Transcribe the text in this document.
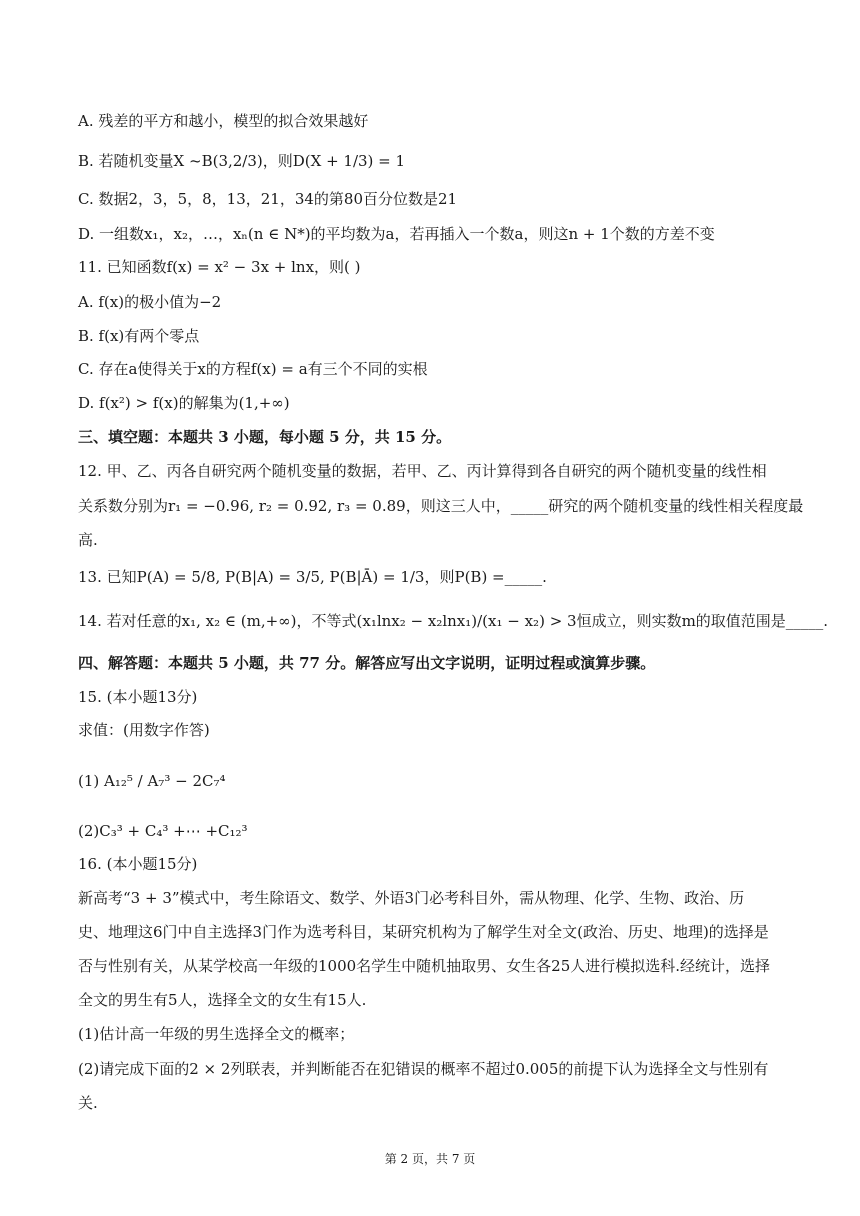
A. 残差的平方和越小，模型的拟合效果越好
B. 若随机变量X ~B(3,2/3)，则D(X + 1/3) = 1
C. 数据2，3，5，8，13，21，34的第80百分位数是21
D. 一组数x₁，x₂，…，xₙ(n ∈ N*)的平均数为a，若再插入一个数a，则这n + 1个数的方差不变
11. 已知函数f(x) = x² − 3x + lnx，则( )
A. f(x)的极小值为−2
B. f(x)有两个零点
C. 存在a使得关于x的方程f(x) = a有三个不同的实根
D. f(x²) > f(x)的解集为(1,+∞)
三、填空题：本题共 3 小题，每小题 5 分，共 15 分。
12. 甲、乙、丙各自研究两个随机变量的数据，若甲、乙、丙计算得到各自研究的两个随机变量的线性相
关系数分别为r₁ = −0.96, r₂ = 0.92, r₃ = 0.89，则这三人中，_____研究的两个随机变量的线性相关程度最
高.
13. 已知P(A) = 5/8, P(B|A) = 3/5, P(B|Ā) = 1/3，则P(B) =_____.
14. 若对任意的x₁, x₂ ∈ (m,+∞)，不等式(x₁lnx₂ − x₂lnx₁)/(x₁ − x₂) > 3恒成立，则实数m的取值范围是_____.
四、解答题：本题共 5 小题，共 77 分。解答应写出文字说明，证明过程或演算步骤。
15. (本小题13分)
求值：(用数字作答)
(1) A₁₂⁵ / A₇³ − 2C₇⁴
(2)C₃³ + C₄³ +⋯ +C₁₂³
16. (本小题15分)
新高考“3 + 3”模式中，考生除语文、数学、外语3门必考科目外，需从物理、化学、生物、政治、历
史、地理这6门中自主选择3门作为选考科目，某研究机构为了解学生对全文(政治、历史、地理)的选择是
否与性别有关，从某学校高一年级的1000名学生中随机抽取男、女生各25人进行模拟选科.经统计，选择
全文的男生有5人，选择全文的女生有15人.
(1)估计高一年级的男生选择全文的概率；
(2)请完成下面的2 × 2列联表，并判断能否在犯错误的概率不超过0.005的前提下认为选择全文与性别有
关.
第 2 页，共 7 页
